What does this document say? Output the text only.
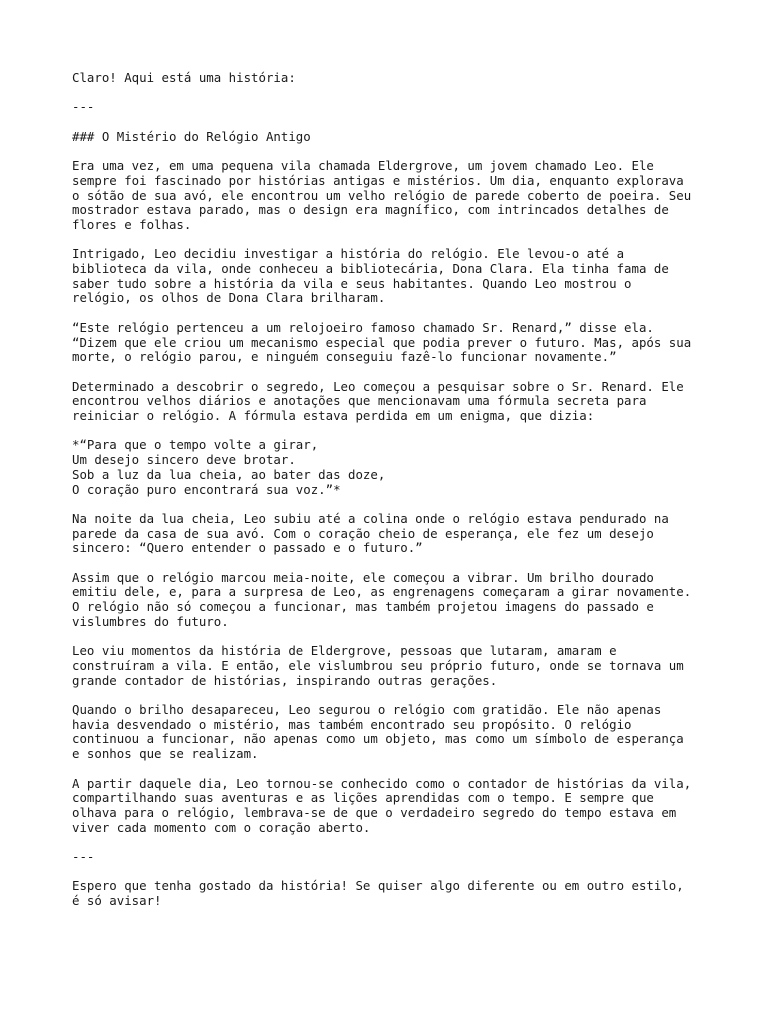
Claro! Aqui está uma história:

---

### O Mistério do Relógio Antigo

Era uma vez, em uma pequena vila chamada Eldergrove, um jovem chamado Leo. Ele
sempre foi fascinado por histórias antigas e mistérios. Um dia, enquanto explorava
o sótão de sua avó, ele encontrou um velho relógio de parede coberto de poeira. Seu
mostrador estava parado, mas o design era magnífico, com intrincados detalhes de
flores e folhas.

Intrigado, Leo decidiu investigar a história do relógio. Ele levou-o até a
biblioteca da vila, onde conheceu a bibliotecária, Dona Clara. Ela tinha fama de
saber tudo sobre a história da vila e seus habitantes. Quando Leo mostrou o
relógio, os olhos de Dona Clara brilharam.

“Este relógio pertenceu a um relojoeiro famoso chamado Sr. Renard,” disse ela.
“Dizem que ele criou um mecanismo especial que podia prever o futuro. Mas, após sua
morte, o relógio parou, e ninguém conseguiu fazê-lo funcionar novamente.”

Determinado a descobrir o segredo, Leo começou a pesquisar sobre o Sr. Renard. Ele
encontrou velhos diários e anotações que mencionavam uma fórmula secreta para
reiniciar o relógio. A fórmula estava perdida em um enigma, que dizia:

*“Para que o tempo volte a girar,
Um desejo sincero deve brotar.
Sob a luz da lua cheia, ao bater das doze,
O coração puro encontrará sua voz.”*

Na noite da lua cheia, Leo subiu até a colina onde o relógio estava pendurado na
parede da casa de sua avó. Com o coração cheio de esperança, ele fez um desejo
sincero: “Quero entender o passado e o futuro.”

Assim que o relógio marcou meia-noite, ele começou a vibrar. Um brilho dourado
emitiu dele, e, para a surpresa de Leo, as engrenagens começaram a girar novamente.
O relógio não só começou a funcionar, mas também projetou imagens do passado e
vislumbres do futuro.

Leo viu momentos da história de Eldergrove, pessoas que lutaram, amaram e
construíram a vila. E então, ele vislumbrou seu próprio futuro, onde se tornava um
grande contador de histórias, inspirando outras gerações.

Quando o brilho desapareceu, Leo segurou o relógio com gratidão. Ele não apenas
havia desvendado o mistério, mas também encontrado seu propósito. O relógio
continuou a funcionar, não apenas como um objeto, mas como um símbolo de esperança
e sonhos que se realizam.

A partir daquele dia, Leo tornou-se conhecido como o contador de histórias da vila,
compartilhando suas aventuras e as lições aprendidas com o tempo. E sempre que
olhava para o relógio, lembrava-se de que o verdadeiro segredo do tempo estava em
viver cada momento com o coração aberto.

---

Espero que tenha gostado da história! Se quiser algo diferente ou em outro estilo,
é só avisar!
